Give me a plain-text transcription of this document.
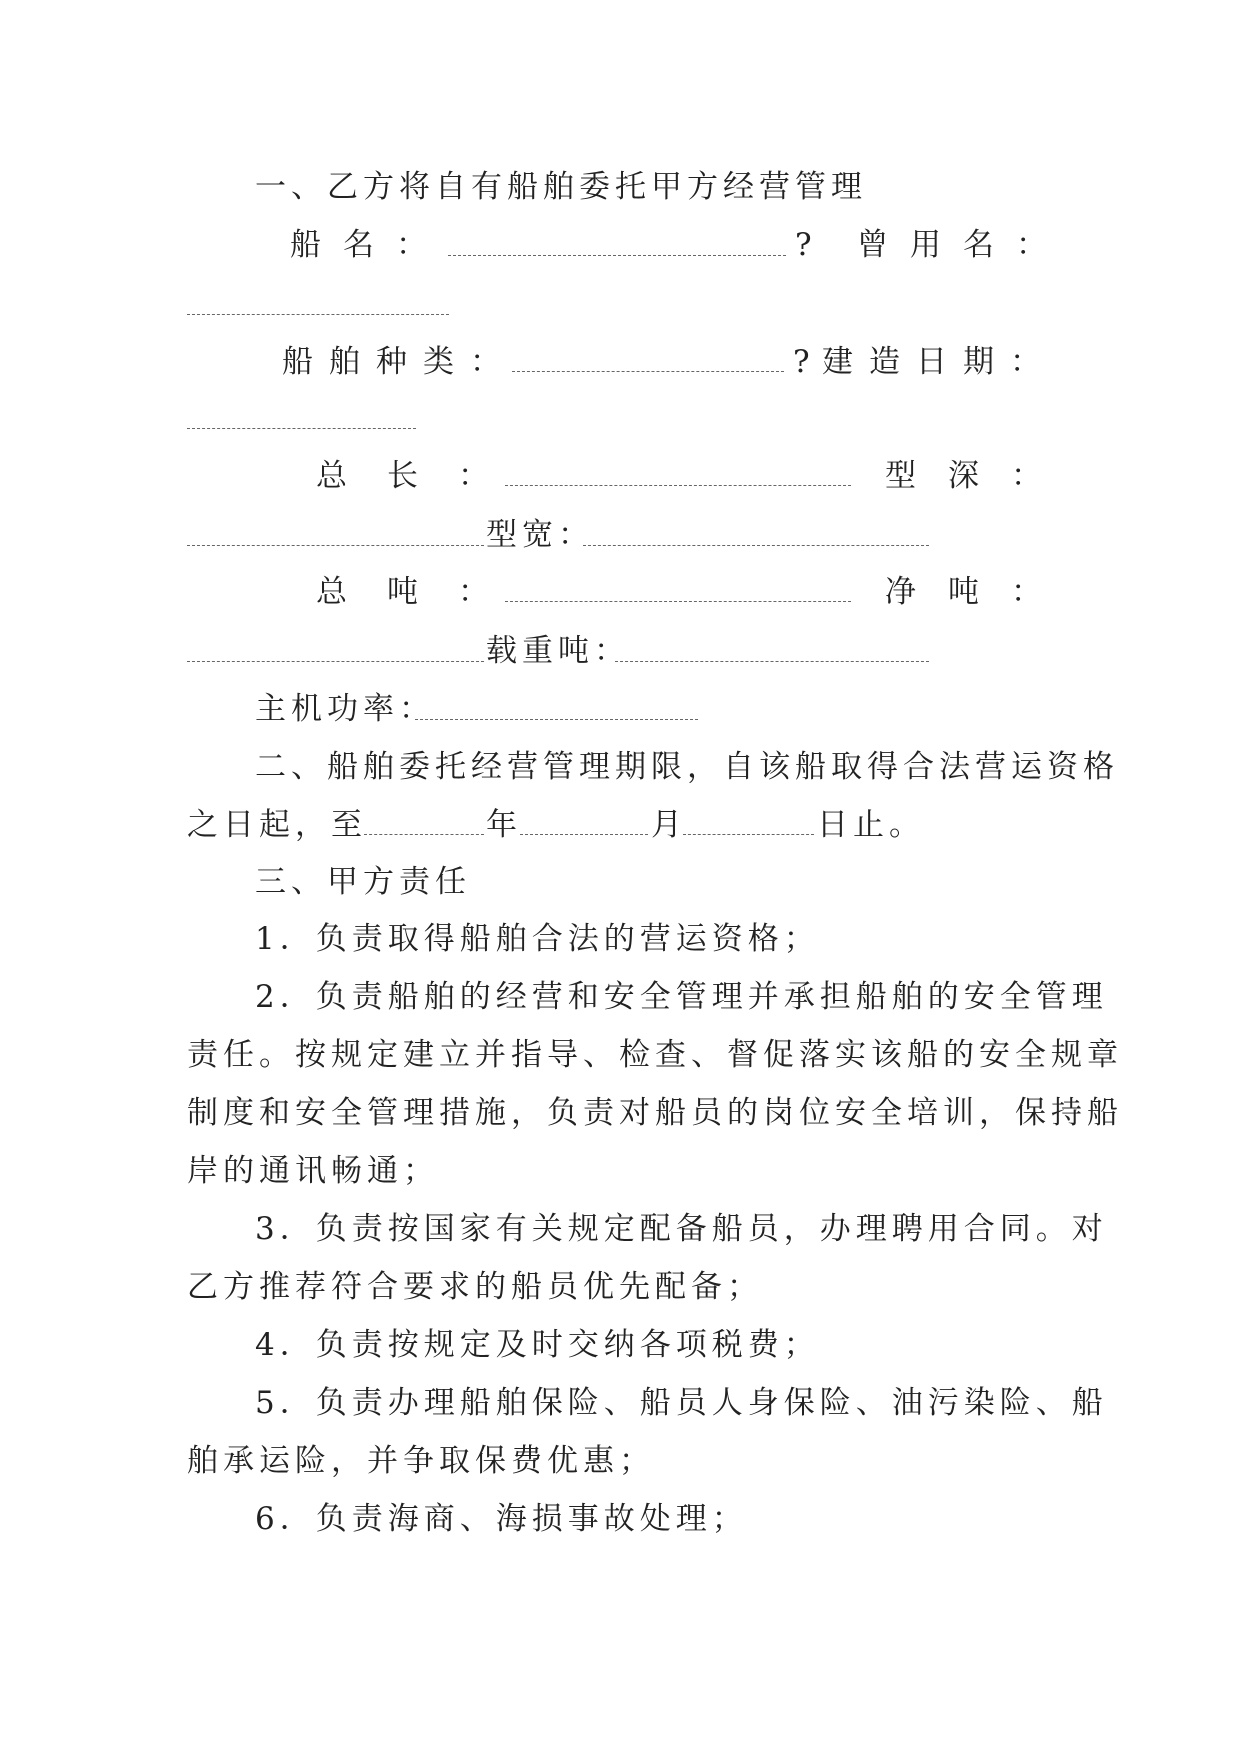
一、乙方将自有船舶委托甲方经营管理
船名：	? 曾用名：
船舶种类：	? 建造日期：
总长：	型深：
型宽：
总吨：	净吨：
载重吨：
主机功率：
二、船舶委托经营管理期限，自该船取得合法营运资格
之日起，至	年	月	日止。
三、甲方责任
1．负责取得船舶合法的营运资格；
2．负责船舶的经营和安全管理并承担船舶的安全管理
责任。按规定建立并指导、检查、督促落实该船的安全规章
制度和安全管理措施，负责对船员的岗位安全培训，保持船
岸的通讯畅通；
3．负责按国家有关规定配备船员，办理聘用合同。对
乙方推荐符合要求的船员优先配备；
4．负责按规定及时交纳各项税费；
5．负责办理船舶保险、船员人身保险、油污染险、船
舶承运险，并争取保费优惠；
6．负责海商、海损事故处理；
